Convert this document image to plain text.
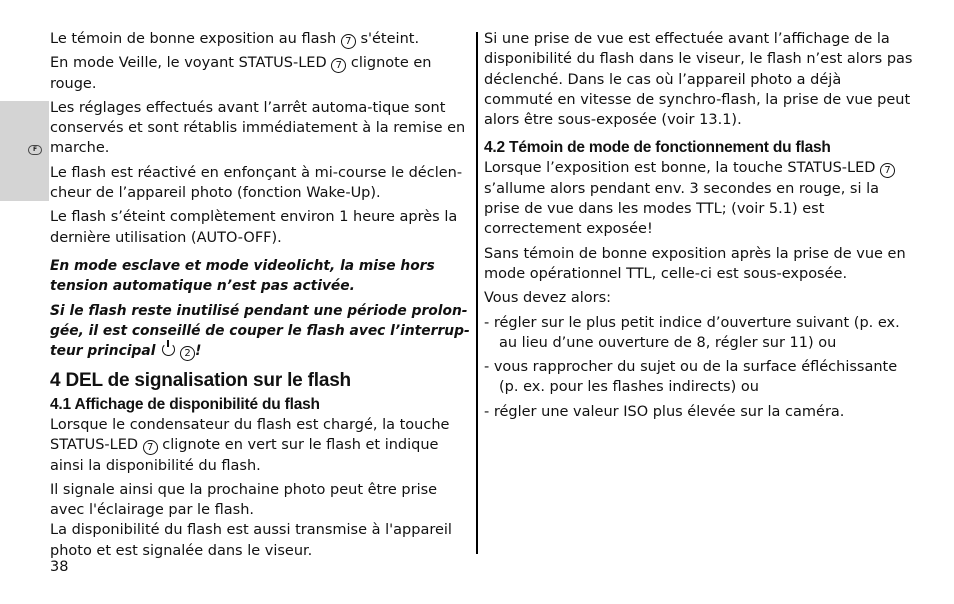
F

Le témoin de bonne exposition au flash 7 s'éteint.

En mode Veille, le voyant STATUS-LED 7 clignote en rouge.

Les réglages effectués avant l’arrêt automa-tique sont conservés et sont rétablis immédiatement à la remise en marche.

Le flash est réactivé en enfonçant à mi-course le déclen-cheur de l’appareil photo (fonction Wake-Up).

Le flash s’éteint complètement environ 1 heure après la dernière utilisation (AUTO-OFF).

En mode esclave et mode videolicht, la mise hors tension automatique n’est pas activée.

Si le flash reste inutilisé pendant une période prolon-gée, il est conseillé de couper le flash avec l’interrup-teur principal	2 !

4 DEL de signalisation sur le flash
4.1 Affichage de disponibilité du flash

Lorsque le condensateur du flash est chargé, la touche STATUS-LED 7 clignote en vert sur le flash et indique ainsi la disponibilité du flash.

Il signale ainsi que la prochaine photo peut être prise avec l'éclairage par le flash.

La disponibilité du flash est aussi transmise à l'appareil photo et est signalée dans le viseur.

Si une prise de vue est effectuée avant l’affichage de la disponibilité du flash dans le viseur, le flash n’est alors pas déclenché. Dans le cas où l’appareil photo a déjà commuté en vitesse de synchro-flash, la prise de vue peut alors être sous-exposée (voir 13.1).

4.2 Témoin de mode de fonctionnement du flash

Lorsque l’exposition est bonne, la touche STATUS-LED 7 s’allume alors pendant env. 3 secondes en rouge, si la prise de vue dans les modes TTL; (voir 5.1) est correctement exposée!

Sans témoin de bonne exposition après la prise de vue en mode opérationnel TTL, celle-ci est sous-exposée.

Vous devez alors:

- régler sur le plus petit indice d’ouverture suivant (p. ex. au lieu d’une ouverture de 8, régler sur 11) ou

- vous rapprocher du sujet ou de la surface éfléchissante (p. ex. pour les flashes indirects) ou

- régler une valeur ISO plus élevée sur la caméra.

38
